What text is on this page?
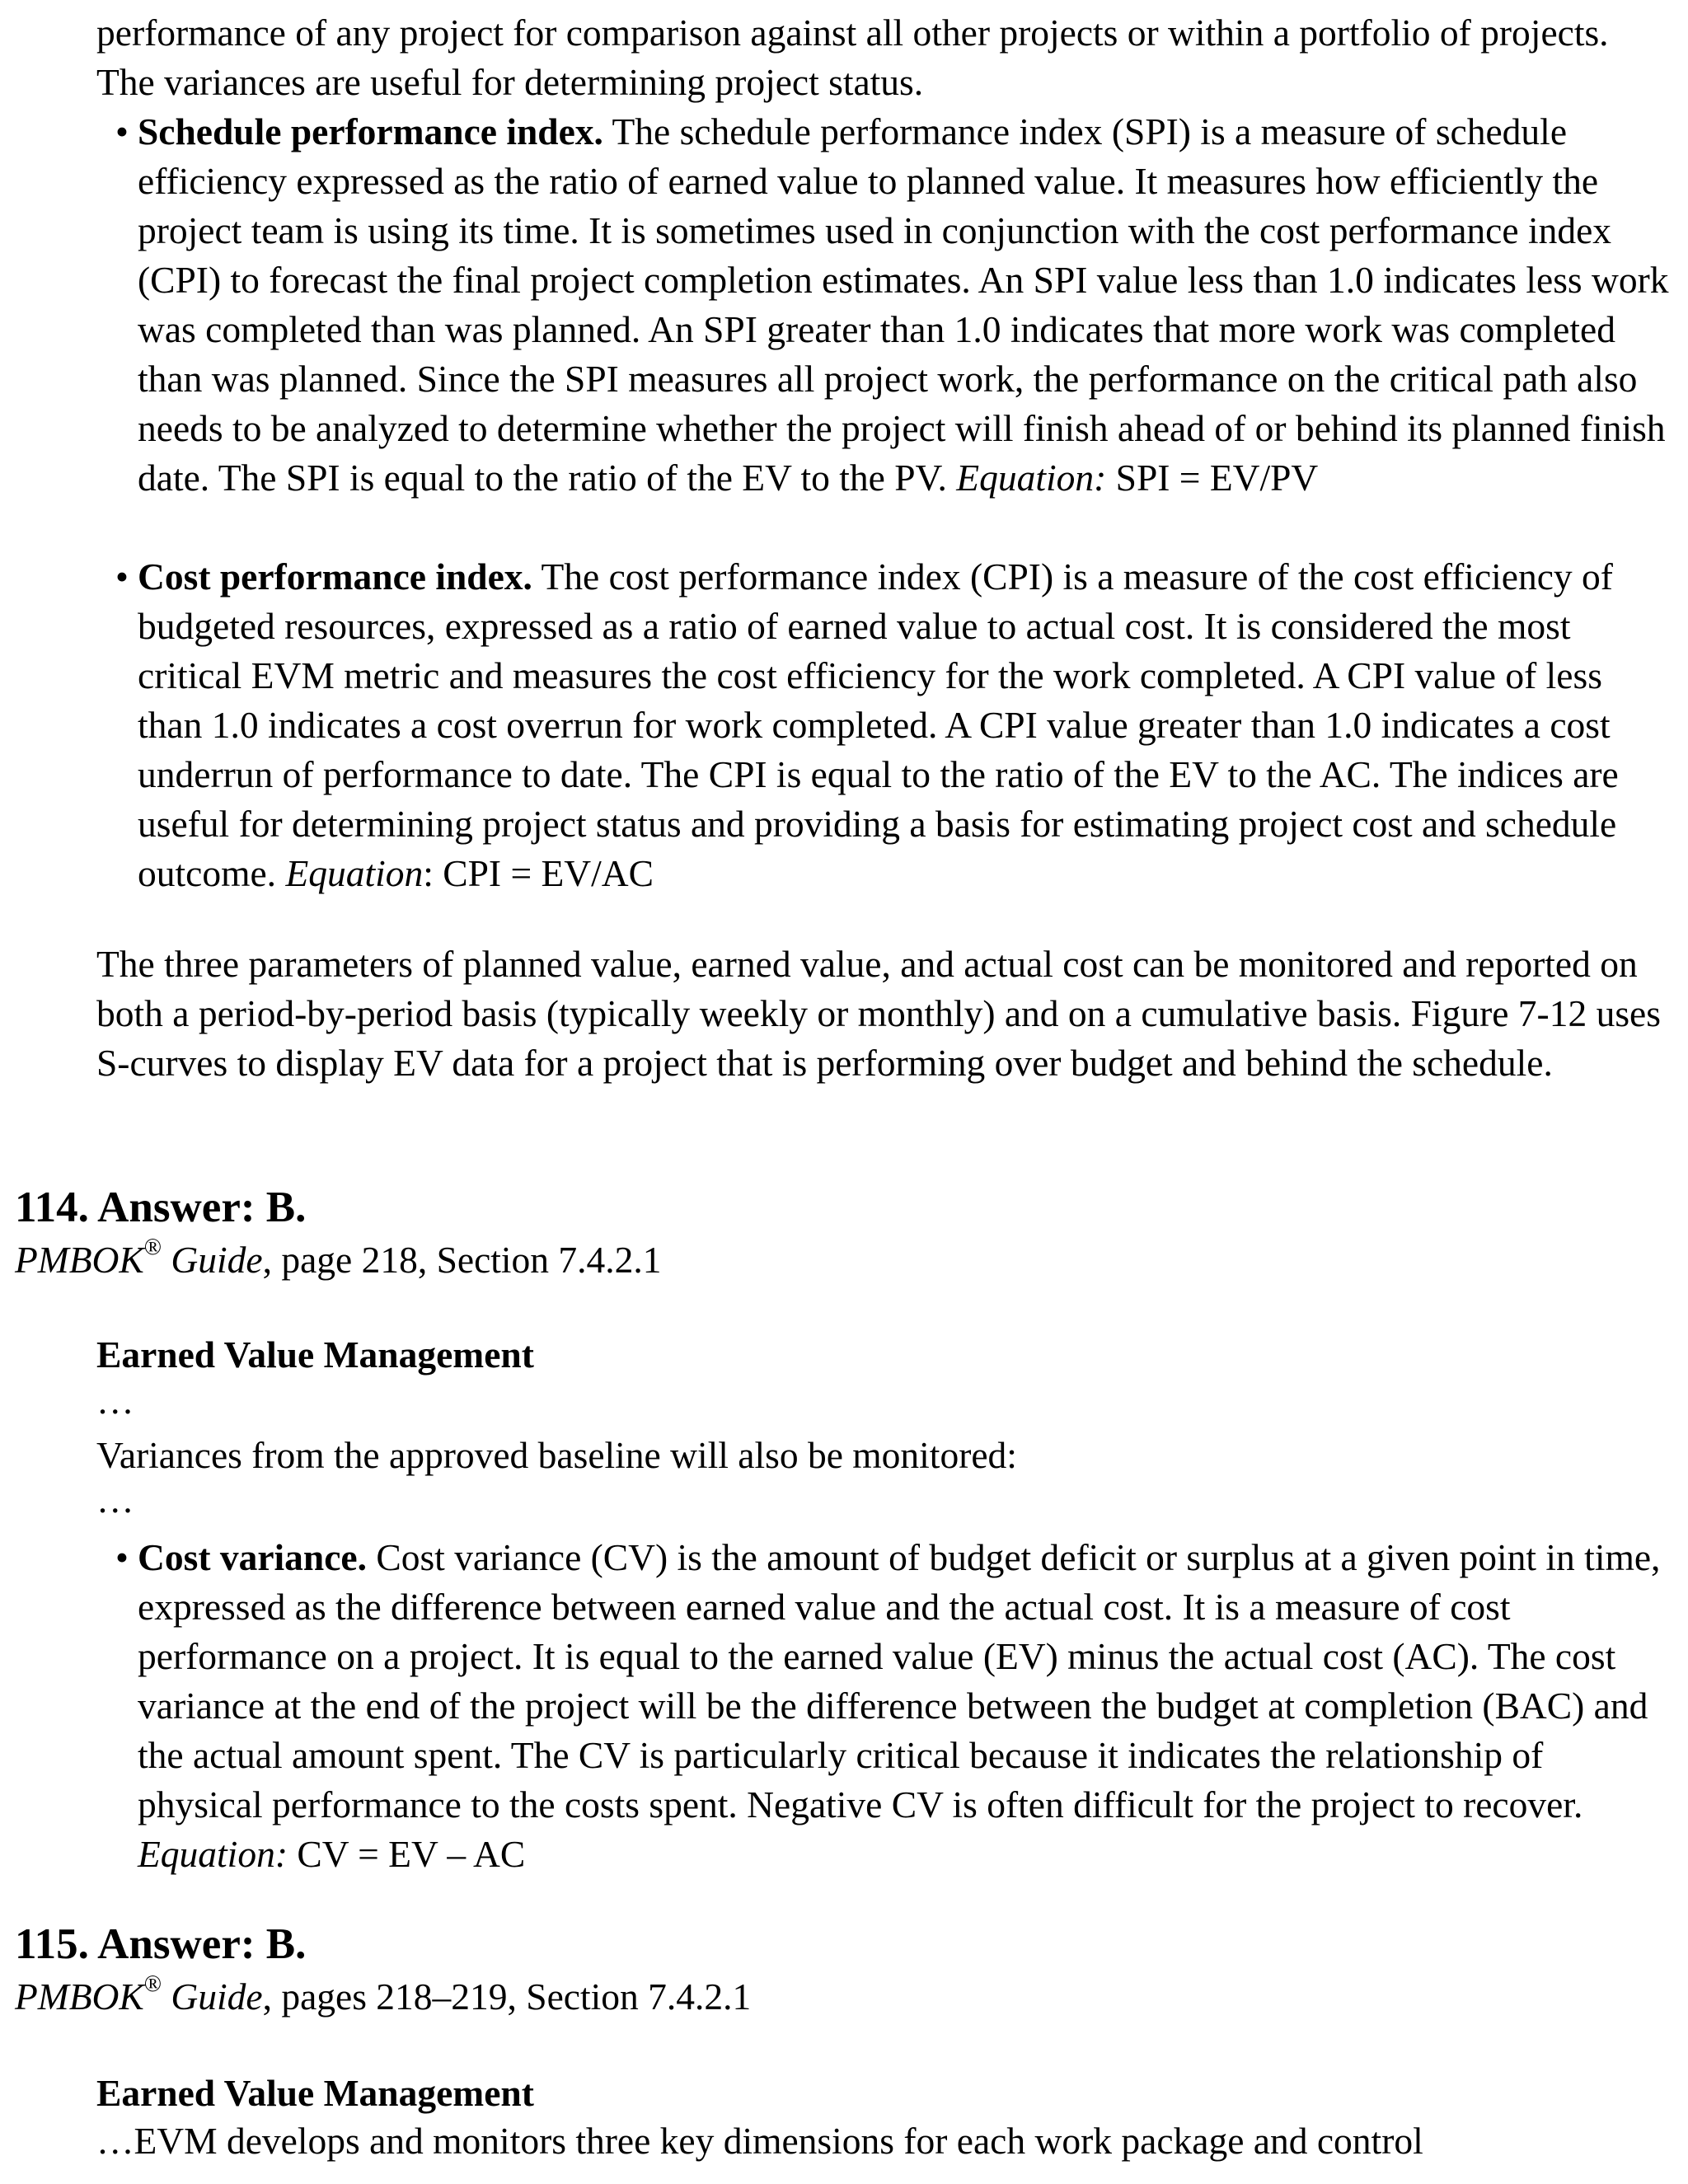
performance of any project for comparison against all other projects or within a portfolio of projects. The variances are useful for determining project status.

• Schedule performance index. The schedule performance index (SPI) is a measure of schedule efficiency expressed as the ratio of earned value to planned value. It measures how efficiently the project team is using its time. It is sometimes used in conjunction with the cost performance index (CPI) to forecast the final project completion estimates. An SPI value less than 1.0 indicates less work was completed than was planned. An SPI greater than 1.0 indicates that more work was completed than was planned. Since the SPI measures all project work, the performance on the critical path also needs to be analyzed to determine whether the project will finish ahead of or behind its planned finish date. The SPI is equal to the ratio of the EV to the PV. Equation: SPI = EV/PV

• Cost performance index. The cost performance index (CPI) is a measure of the cost efficiency of budgeted resources, expressed as a ratio of earned value to actual cost. It is considered the most critical EVM metric and measures the cost efficiency for the work completed. A CPI value of less than 1.0 indicates a cost overrun for work completed. A CPI value greater than 1.0 indicates a cost underrun of performance to date. The CPI is equal to the ratio of the EV to the AC. The indices are useful for determining project status and providing a basis for estimating project cost and schedule outcome. Equation: CPI = EV/AC

The three parameters of planned value, earned value, and actual cost can be monitored and reported on both a period-by-period basis (typically weekly or monthly) and on a cumulative basis. Figure 7-12 uses S-curves to display EV data for a project that is performing over budget and behind the schedule.

114. Answer: B.

PMBOK® Guide, page 218, Section 7.4.2.1

Earned Value Management

…

Variances from the approved baseline will also be monitored:

…

• Cost variance. Cost variance (CV) is the amount of budget deficit or surplus at a given point in time, expressed as the difference between earned value and the actual cost. It is a measure of cost performance on a project. It is equal to the earned value (EV) minus the actual cost (AC). The cost variance at the end of the project will be the difference between the budget at completion (BAC) and the actual amount spent. The CV is particularly critical because it indicates the relationship of physical performance to the costs spent. Negative CV is often difficult for the project to recover. Equation: CV = EV – AC

115. Answer: B.

PMBOK® Guide, pages 218–219, Section 7.4.2.1

Earned Value Management

…EVM develops and monitors three key dimensions for each work package and control
